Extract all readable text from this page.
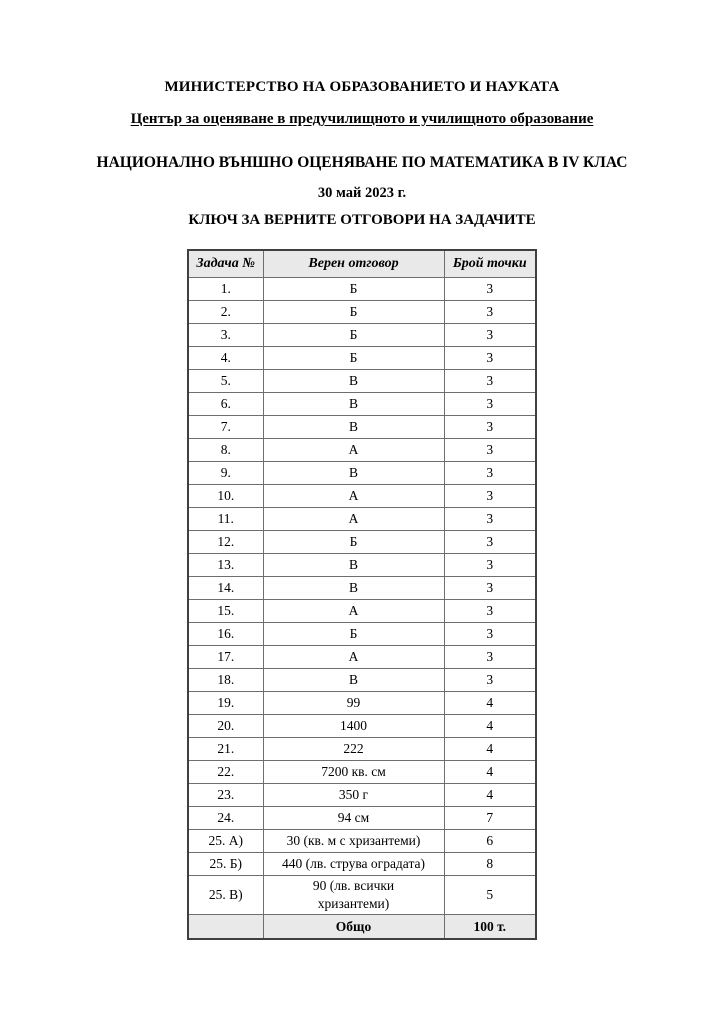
МИНИСТЕРСТВО НА ОБРАЗОВАНИЕТО И НАУКАТА
Център за оценяване в предучилищното и училищното образование
НАЦИОНАЛНО ВЪНШНО ОЦЕНЯВАНЕ ПО МАТЕМАТИКА В IV КЛАС
30 май 2023 г.
КЛЮЧ ЗА ВЕРНИТЕ ОТГОВОРИ НА ЗАДАЧИТЕ
Задача №	Верен отговор	Брой точки
1.	Б	3
2.	Б	3
3.	Б	3
4.	Б	3
5.	В	3
6.	В	3
7.	В	3
8.	А	3
9.	В	3
10.	А	3
11.	А	3
12.	Б	3
13.	В	3
14.	В	3
15.	А	3
16.	Б	3
17.	А	3
18.	В	3
19.	99	4
20.	1400	4
21.	222	4
22.	7200 кв. см	4
23.	350 г	4
24.	94 см	7
25. А)	30 (кв. м с хризантеми)	6
25. Б)	440 (лв. струва оградата)	8
25. В)	90 (лв. всички хризантеми)	5
	Общо	100 т.
